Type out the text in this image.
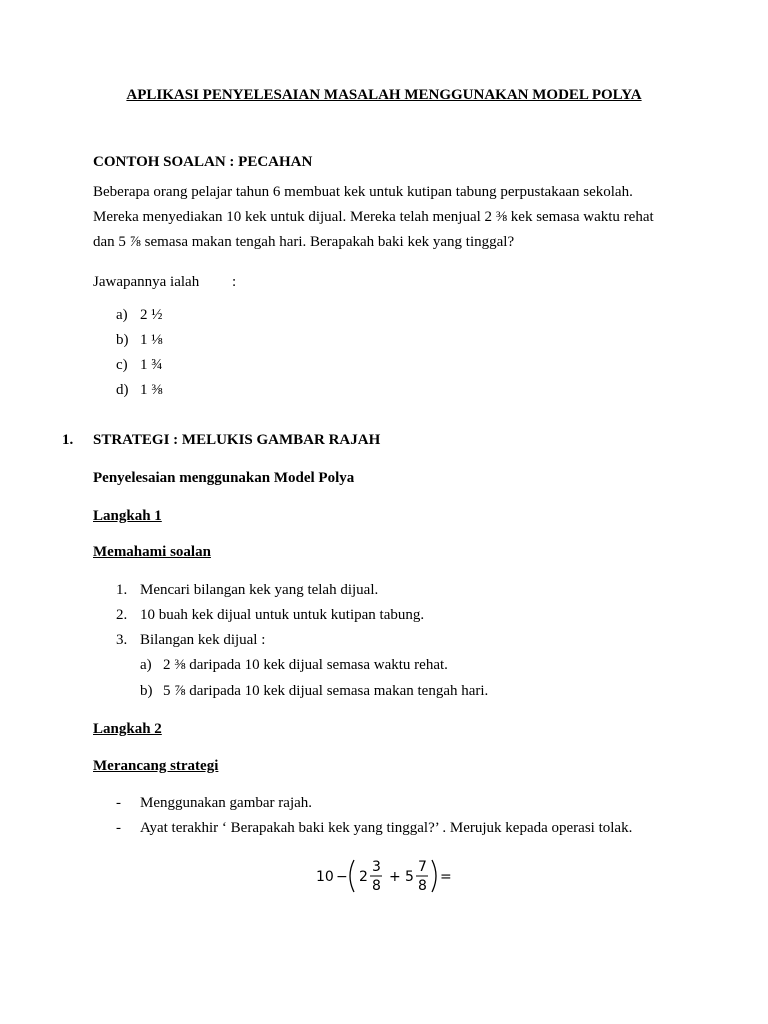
APLIKASI PENYELESAIAN MASALAH MENGGUNAKAN MODEL POLYA
CONTOH SOALAN : PECAHAN
Beberapa orang pelajar tahun 6 membuat kek untuk kutipan tabung perpustakaan sekolah.
Mereka menyediakan 10 kek untuk dijual. Mereka telah menjual 2 ⅜ kek semasa waktu rehat
dan 5 ⅞ semasa makan tengah hari. Berapakah baki kek yang tinggal?
Jawapannya ialah :
a) 2 ½
b) 1 ⅛
c) 1 ¾
d) 1 ⅜
1. STRATEGI : MELUKIS GAMBAR RAJAH
Penyelesaian menggunakan Model Polya
Langkah 1
Memahami soalan
1. Mencari bilangan kek yang telah dijual.
2. 10 buah kek dijual untuk untuk kutipan tabung.
3. Bilangan kek dijual :
a) 2 ⅜ daripada 10 kek dijual semasa waktu rehat.
b) 5 ⅞ daripada 10 kek dijual semasa makan tengah hari.
Langkah 2
Merancang strategi
- Menggunakan gambar rajah.
- Ayat terakhir ‘ Berapakah baki kek yang tinggal?’ . Merujuk kepada operasi tolak.
10 − 2
3
8
+ 5
7
8
=
